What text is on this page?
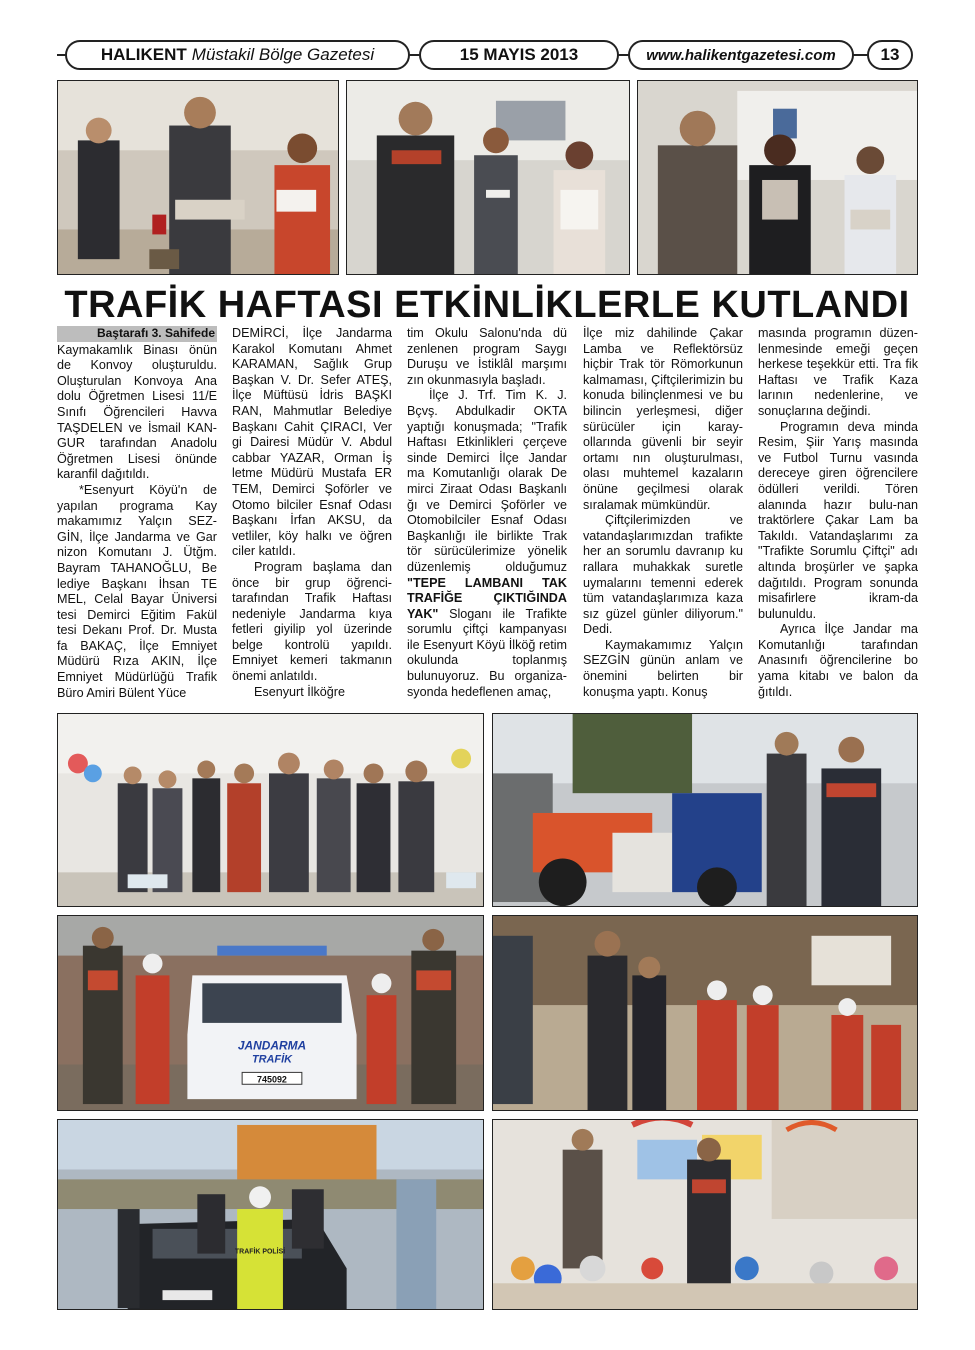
HALIKENT Müstakil Bölge Gazetesi	15 MAYIS 2013	www.halikentgazetesi.com	13
TRAFİK HAFTASI ETKİNLİKLERLE KUTLANDI
Baştarafı 3. Sahifede

Kaymakamlık Binası önün de Konvoy oluşturuldu. Oluşturulan Konvoya Ana dolu Öğretmen Lisesi 11/E Sınıfı Öğrencileri Havva TAŞDELEN ve İsmail KAN-GUR tarafından Anadolu Öğretmen Lisesi önünde karanfil dağıtıldı.

*Esenyurt Köyü'n de yapılan programa Kay makamımız Yalçın SEZ-GİN, İlçe Jandarma ve Gar nizon Komutanı J. Ütğm. Bayram TAHANOĞLU, Be lediye Başkanı İhsan TE MEL, Celal Bayar Üniversi tesi Demirci Eğitim Fakül tesi Dekanı Prof. Dr. Musta fa BAKAÇ, İlçe Emniyet Müdürü Rıza AKIN, İlçe Emniyet Müdürlüğü Trafik Büro Amiri Bülent Yüce

DEMİRCİ, İlçe Jandarma Karakol Komutanı Ahmet KARAMAN, Sağlık Grup Başkan V. Dr. Sefer ATEŞ, İlçe Müftüsü İdris BAŞKI RAN, Mahmutlar Belediye Başkanı Cahit ÇIRACI, Ver gi Dairesi Müdür V. Abdul cabbar YAZAR, Orman İş letme Müdürü Mustafa ER TEM, Demirci Şoförler ve Otomo bilciler Esnaf Odası Başkanı İrfan AKSU, da vetliler, köy halkı ve öğren ciler katıldı.

Program başlama dan önce bir grup öğrenci-tarafından Trafik Haftası nedeniyle Jandarma kıya fetleri giyilip yol üzerinde belge kontrolü yapıldı. Emniyet kemeri takmanın önemi anlatıldı.

Esenyurt İlköğre

tim Okulu Salonu'nda dü zenlenen program Saygı Duruşu ve İstiklâl marşımı zın okunmasıyla başladı.

İlçe J. Trf. Tim K. J. Bçvş. Abdulkadir OKTA yaptığı konuşmada; "Trafik Haftası Etkinlikleri çerçeve sinde Demirci İlçe Jandar ma Komutanlığı olarak De mirci Ziraat Odası Başkanlı ğı ve Demirci Şoförler ve Otomobilciler Esnaf Odası Başkanlığı ile birlikte Trak tör sürücülerimize yönelik düzenlemiş olduğumuz "TEPE LAMBANI TAK TRAFİĞE ÇIKTIĞINDA YAK" Sloganı ile Trafikte sorumlu çiftçi kampanyası ile Esenyurt Köyü İlköğ retim okulunda toplanmış bulunuyoruz. Bu organiza-syonda hedeflenen amaç,

İlçe miz dahilinde Çakar Lamba ve Reflektörsüz hiçbir Trak tör Römorkunun kalmaması, Çiftçilerimizin bu konuda bilinçlenmesi ve bu bilincin yerleşmesi, diğer sürücüler için karay-ollarında güvenli bir seyir ortamı nın oluşturulması, olası muhtemel kazaların önüne geçilmesi olarak sıralamak mümkündür.

Çiftçilerimizden ve vatandaşlarımızdan trafikte her an sorumlu davranıp ku rallara muhakkak suretle uymalarını temenni ederek tüm vatandaşlarımıza kaza sız güzel günler diliyorum." Dedi.

Kaymakamımız Yalçın SEZGİN günün anlam ve önemini belirten bir konuşma yaptı. Konuş

masında programın düzen-lenmesinde emeği geçen herkese teşekkür etti. Tra fik Haftası ve Trafik Kaza larının nedenlerine, ve sonuçlarına değindi.

Programın deva minda Resim, Şiir Yarış masında ve Futbol Turnu vasında dereceye giren öğrencilere ödülleri verildi. Tören alanında hazır bulu-nan traktörlere Çakar Lam ba Takıldı. Vatandaşlarımı za "Trafikte Sorumlu Çiftçi" adı altında broşürler ve şapka dağıtıldı. Program sonunda misafirlere ikram-da bulunuldu.

Ayrıca İlçe Jandar ma Komutanlığı tarafından Anasınıfı öğrencilerine bo yama kitabı ve balon da ğıtıldı.

JANDARMA
TRAFİK
745092
TRAFİK POLİSİ
